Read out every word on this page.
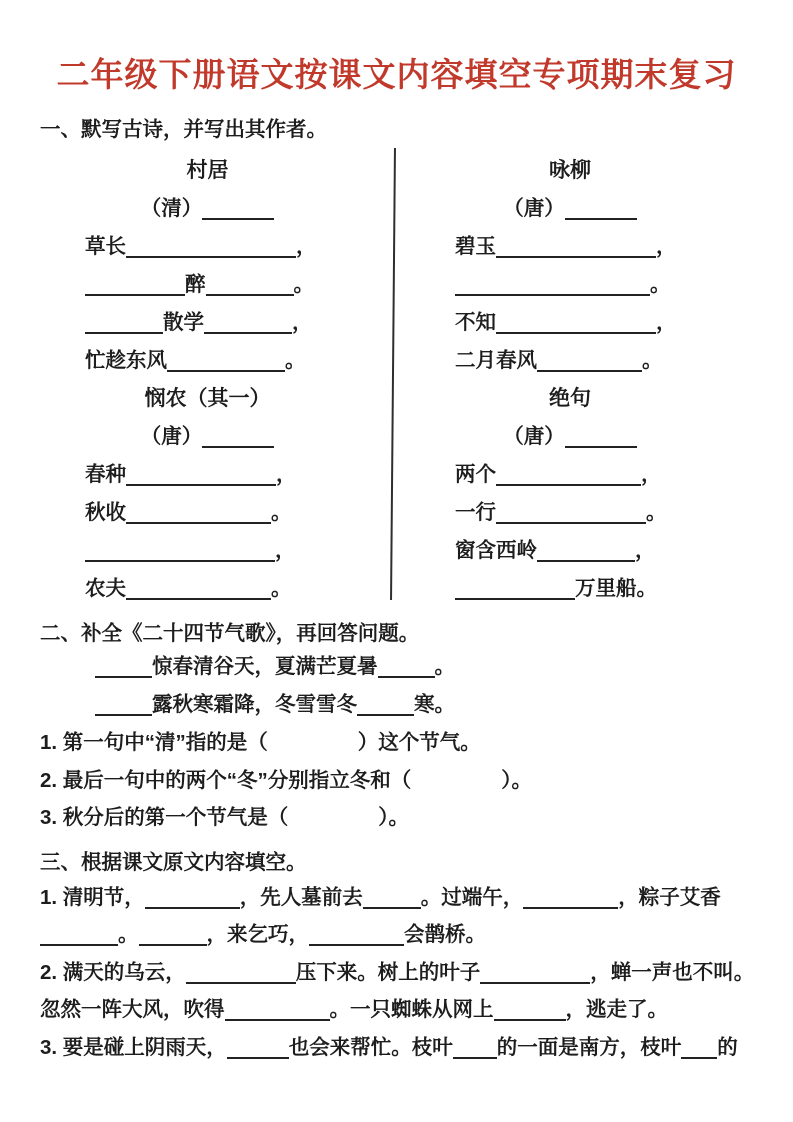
二年级下册语文按课文内容填空专项期末复习
一、默写古诗，并写出其作者。
村居
（清）
草长	，
醉	。
散学	，
忙趁东风	。
悯农（其一）
（唐）
春种	，
秋收	。
，
农夫	。
咏柳
（唐）
碧玉	，
。
不知	，
二月春风	。
绝句
（唐）
两个	，
一行	。
窗含西岭	，
万里船。
二、补全《二十四节气歌》，再回答问题。
惊春清谷天，夏满芒夏暑	。
露秋寒霜降，冬雪雪冬	寒。
1. 第一句中“清”指的是（	）这个节气。
2. 最后一句中的两个“冬”分别指立冬和（	）。
3. 秋分后的第一个节气是（	）。
三、根据课文原文内容填空。

1. 清明节，	，先人墓前去	。过端午，	，粽子艾香。	，来乞巧，	会鹊桥。

2. 满天的乌云，	压下来。树上的叶子	，蝉一声也不叫。忽然一阵大风，吹得	。一只蜘蛛从网上	，逃走了。

3. 要是碰上阴雨天，	也会来帮忙。枝叶 的一面是南方，枝叶 的
